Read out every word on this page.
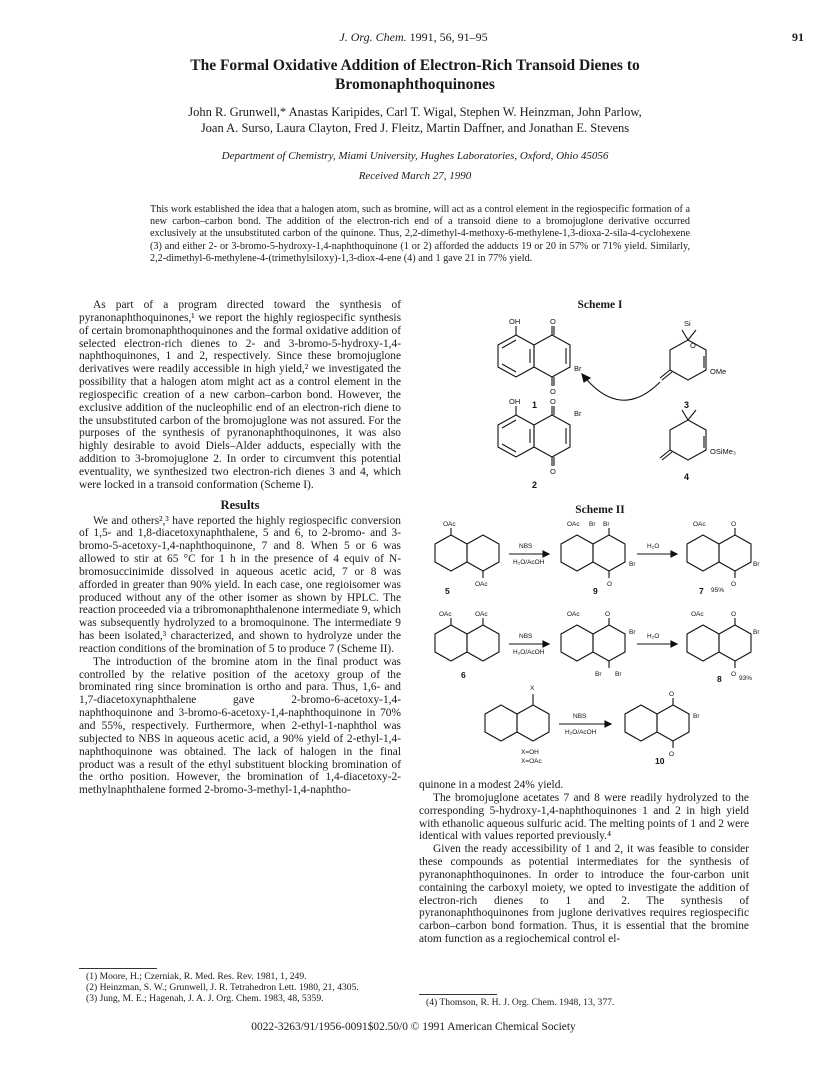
J. Org. Chem. 1991, 56, 91–95	91
The Formal Oxidative Addition of Electron-Rich Transoid Dienes to
Bromonaphthoquinones
John R. Grunwell,* Anastas Karipides, Carl T. Wigal, Stephen W. Heinzman, John Parlow,
Joan A. Surso, Laura Clayton, Fred J. Fleitz, Martin Daffner, and Jonathan E. Stevens
Department of Chemistry, Miami University, Hughes Laboratories, Oxford, Ohio 45056
Received March 27, 1990
This work established the idea that a halogen atom, such as bromine, will act as a control element in the regiospecific formation of a new carbon–carbon bond. The addition of the electron-rich end of a transoid diene to a bromojuglone derivative occurred exclusively at the unsubstituted carbon of the quinone. Thus, 2,2-dimethyl-4-methoxy-6-methylene-1,3-dioxa-2-sila-4-cyclohexene (3) and either 2- or 3-bromo-5-hydroxy-1,4-naphthoquinone (1 or 2) afforded the adducts 19 or 20 in 57% or 71% yield. Similarly, 2,2-dimethyl-6-methylene-4-(trimethylsiloxy)-1,3-diox-4-ene (4) and 1 gave 21 in 77% yield.

As part of a program directed toward the synthesis of pyranonaphthoquinones,¹ we report the highly regiospecific synthesis of certain bromonaphthoquinones and the formal oxidative addition of selected electron-rich dienes to 2- and 3-bromo-5-hydroxy-1,4-naphthoquinones, 1 and 2, respectively. Since these bromojuglone derivatives were readily accessible in high yield,² we investigated the possibility that a halogen atom might act as a control element in the regiospecific creation of a new carbon–carbon bond. However, the exclusive addition of the nucleophilic end of an electron-rich diene to the unsubstituted carbon of the bromojuglone was not assured. For the purposes of the synthesis of pyranonaphthoquinones, it was also highly desirable to avoid Diels–Alder adducts, especially with the addition to 3-bromojuglone 2. In order to circumvent this potential eventuality, we synthesized two electron-rich dienes 3 and 4, which were locked in a transoid conformation (Scheme I).

Results

We and others²,³ have reported the highly regiospecific conversion of 1,5- and 1,8-diacetoxynaphthalene, 5 and 6, to 2-bromo- and 3-bromo-5-acetoxy-1,4-naphthoquinone, 7 and 8. When 5 or 6 was allowed to stir at 65 °C for 1 h in the presence of 4 equiv of N-bromosuccinimide dissolved in aqueous acetic acid, 7 or 8 was afforded in greater than 90% yield. In each case, one regioisomer was produced without any of the other isomer as shown by HPLC. The reaction proceeded via a tribromonaphthalenone intermediate 9, which was subsequently hydrolyzed to a bromoquinone. The intermediate 9 has been isolated,³ characterized, and shown to hydrolyze under the reaction conditions of the bromination of 5 to produce 7 (Scheme II).

The introduction of the bromine atom in the final product was controlled by the relative position of the acetoxy group of the brominated ring since bromination is ortho and para. Thus, 1,6- and 1,7-diacetoxynaphthalene gave 2-bromo-6-acetoxy-1,4-naphthoquinone and 3-bromo-6-acetoxy-1,4-naphthoquinone in 70% and 55%, respectively. Furthermore, when 2-ethyl-1-naphthol was subjected to NBS in aqueous acetic acid, a 90% yield of 2-ethyl-1,4-naphthoquinone was obtained. The lack of halogen in the final product was a result of the ethyl substituent blocking bromination of the ortho position. However, the bromination of 1,4-diacetoxy-2-methylnaphthalene formed 2-bromo-3-methyl-1,4-naphtho-

(1) Moore, H.; Czerniak, R. Med. Res. Rev. 1981, 1, 249.
(2) Heinzman, S. W.; Grunwell, J. R. Tetrahedron Lett. 1980, 21, 4305.
(3) Jung, M. E.; Hagenah, J. A. J. Org. Chem. 1983, 48, 5359.

quinone in a modest 24% yield.

The bromojuglone acetates 7 and 8 were readily hydrolyzed to the corresponding 5-hydroxy-1,4-naphthoquinones 1 and 2 in high yield with ethanolic aqueous sulfuric acid. The melting points of 1 and 2 were identical with values reported previously.⁴

Given the ready accessibility of 1 and 2, it was feasible to consider these compounds as potential intermediates for the synthesis of pyranonaphthoquinones. In order to introduce the four-carbon unit containing the carboxyl moiety, we opted to investigate the addition of electron-rich dienes to 1 and 2. The synthesis of pyranonaphthoquinones from juglone derivatives requires regiospecific carbon–carbon bond formation. Thus, it is essential that the bromine atom function as a regiochemical control el-

(4) Thomson, R. H. J. Org. Chem. 1948, 13, 377.
Scheme I
OH	O
O
Br
Si
O
OMe
OH	O
O
Br
OSiMe₃
1	3
2
4
Scheme II
OAc
OAc
NBS
H₂O/AcOH
OAc Br Br
Br
O
H₂O
OAc	O
O
Br
OAc	OAc
NBS
H₂O/AcOH
OAc	O
Br
Br Br
H₂O
OAc	O
O
Br
X
NBS
H₂O/AcOH
O
O
Br
X=OH
X=OAc
95%
93%
5	9	7
6	8
10
0022-3263/91/1956-0091$02.50/0 © 1991 American Chemical Society
